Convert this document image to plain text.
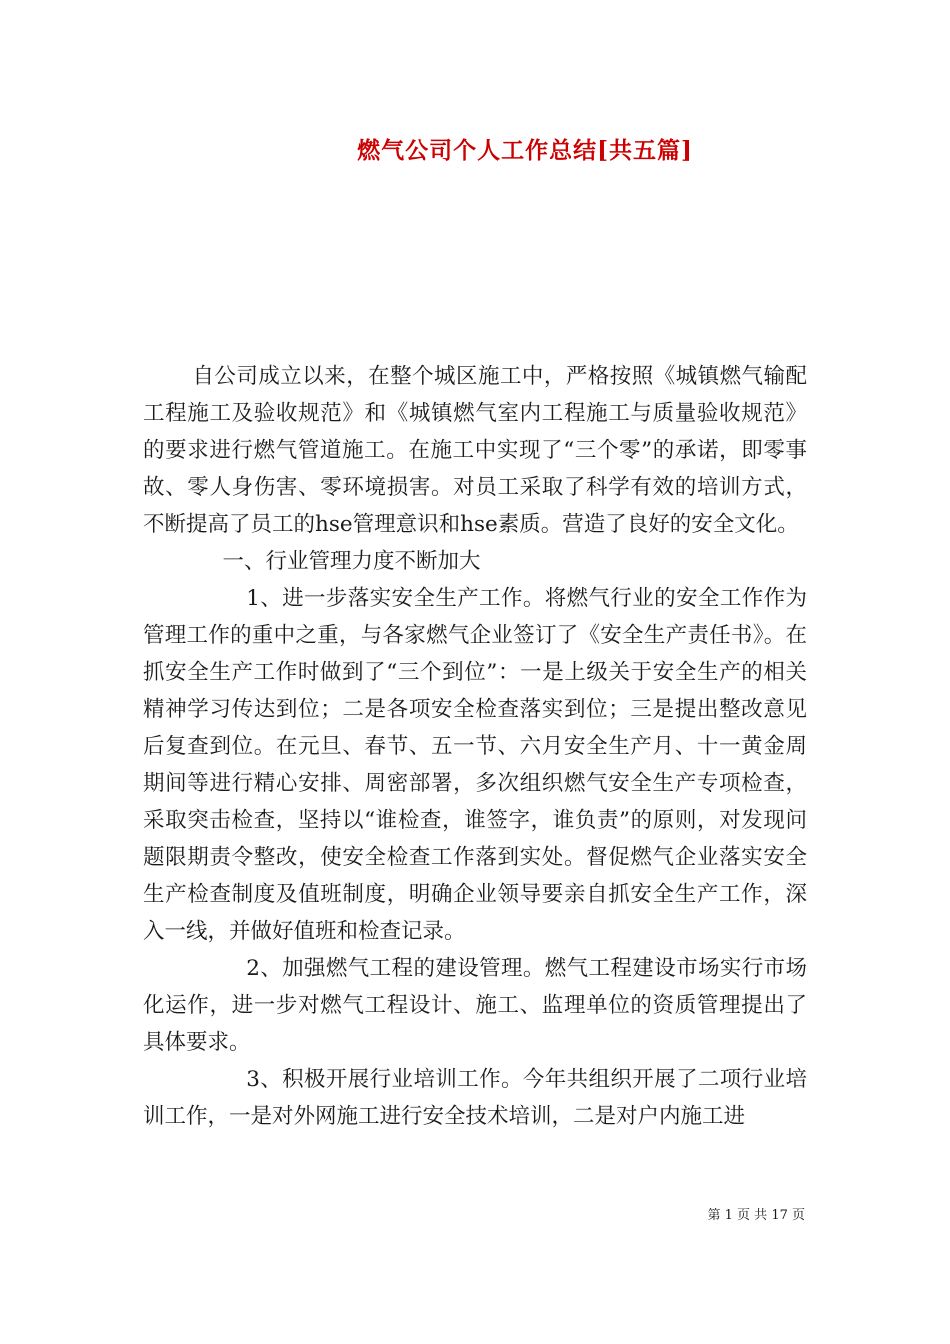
燃气公司个人工作总结[共五篇]

自公司成立以来，在整个城区施工中，严格按照《城镇燃气输配工程施工及验收规范》和《城镇燃气室内工程施工与质量验收规范》的要求进行燃气管道施工。在施工中实现了“三个零”的承诺，即零事故、零人身伤害、零环境损害。对员工采取了科学有效的培训方式，不断提高了员工的hse管理意识和hse素质。营造了良好的安全文化。

一、行业管理力度不断加大

1、进一步落实安全生产工作。将燃气行业的安全工作作为管理工作的重中之重，与各家燃气企业签订了《安全生产责任书》。在抓安全生产工作时做到了“三个到位”：一是上级关于安全生产的相关精神学习传达到位；二是各项安全检查落实到位；三是提出整改意见后复查到位。在元旦、春节、五一节、六月安全生产月、十一黄金周期间等进行精心安排、周密部署，多次组织燃气安全生产专项检查，采取突击检查，坚持以“谁检查，谁签字，谁负责”的原则，对发现问题限期责令整改，使安全检查工作落到实处。督促燃气企业落实安全生产检查制度及值班制度，明确企业领导要亲自抓安全生产工作，深入一线，并做好值班和检查记录。

2、加强燃气工程的建设管理。燃气工程建设市场实行市场化运作，进一步对燃气工程设计、施工、监理单位的资质管理提出了具体要求。

3、积极开展行业培训工作。今年共组织开展了二项行业培训工作，一是对外网施工进行安全技术培训，二是对户内施工进

第 1 页 共 17 页
